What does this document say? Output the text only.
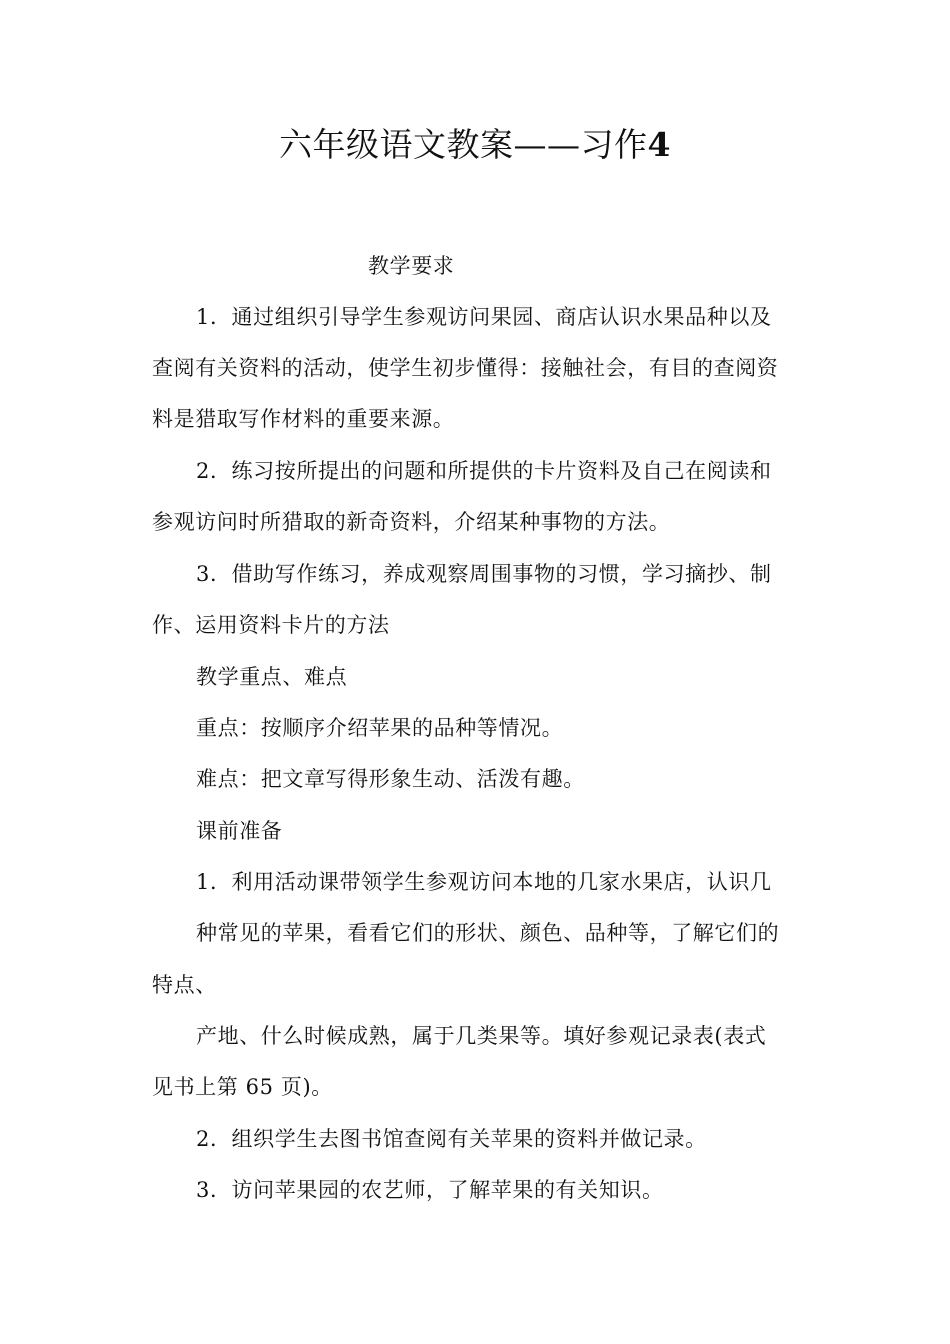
六年级语文教案——习作4
教学要求
1．通过组织引导学生参观访问果园、商店认识水果品种以及
查阅有关资料的活动，使学生初步懂得：接触社会，有目的查阅资
料是猎取写作材料的重要来源。
2．练习按所提出的问题和所提供的卡片资料及自己在阅读和
参观访问时所猎取的新奇资料，介绍某种事物的方法。
3．借助写作练习，养成观察周围事物的习惯，学习摘抄、制
作、运用资料卡片的方法
教学重点、难点
重点：按顺序介绍苹果的品种等情况。
难点：把文章写得形象生动、活泼有趣。
课前准备
1．利用活动课带领学生参观访问本地的几家水果店，认识几
种常见的苹果，看看它们的形状、颜色、品种等，了解它们的
特点、
产地、什么时候成熟，属于几类果等。填好参观记录表(表式
见书上第 65 页)。
2．组织学生去图书馆查阅有关苹果的资料并做记录。
3．访问苹果园的农艺师，了解苹果的有关知识。
